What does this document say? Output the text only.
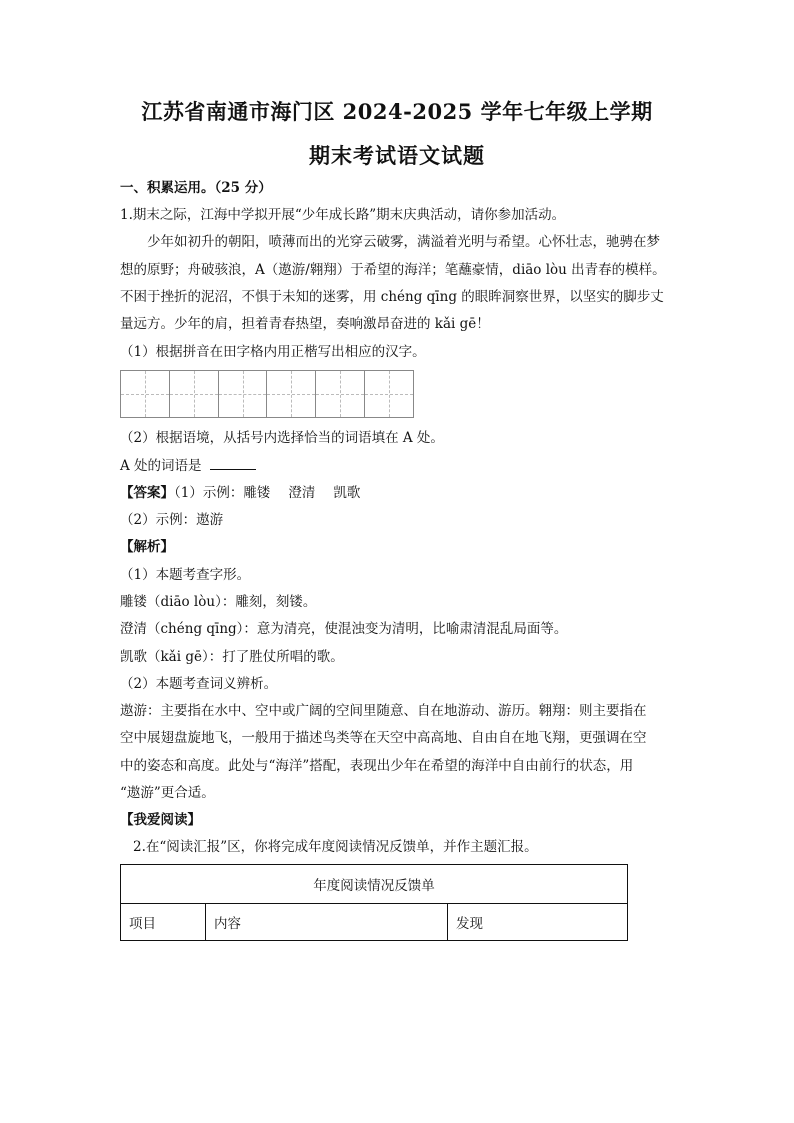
江苏省南通市海门区 2024-2025 学年七年级上学期
期末考试语文试题
一、积累运用。（25 分）
1.期末之际，江海中学拟开展“少年成长路”期末庆典活动，请你参加活动。
少年如初升的朝阳，喷薄而出的光穿云破雾，满溢着光明与希望。心怀壮志，驰骋在梦
想的原野；舟破骇浪，A（遨游/翱翔）于希望的海洋；笔蘸豪情，diāo lòu 出青春的模样。
不困于挫折的泥沼，不惧于未知的迷雾，用 chéng qīng 的眼眸洞察世界，以坚实的脚步丈
量远方。少年的肩，担着青春热望，奏响激昂奋进的 kǎi gē！
（1）根据拼音在田字格内用正楷写出相应的汉字。
（2）根据语境，从括号内选择恰当的词语填在 A 处。
A 处的词语是
【答案】（1）示例：雕镂 澄清 凯歌
（2）示例：遨游
【解析】
（1）本题考查字形。
雕镂（diāo lòu）：雕刻，刻镂。
澄清（chéng qīng）：意为清亮，使混浊变为清明，比喻肃清混乱局面等。
凯歌（kǎi gē）：打了胜仗所唱的歌。
（2）本题考查词义辨析。
遨游：主要指在水中、空中或广阔的空间里随意、自在地游动、游历。翱翔：则主要指在
空中展翅盘旋地飞，一般用于描述鸟类等在天空中高高地、自由自在地飞翔，更强调在空
中的姿态和高度。此处与“海洋”搭配，表现出少年在希望的海洋中自由前行的状态，用
“遨游”更合适。
【我爱阅读】
2.在“阅读汇报”区，你将完成年度阅读情况反馈单，并作主题汇报。
年度阅读情况反馈单
项目	内容	发现
